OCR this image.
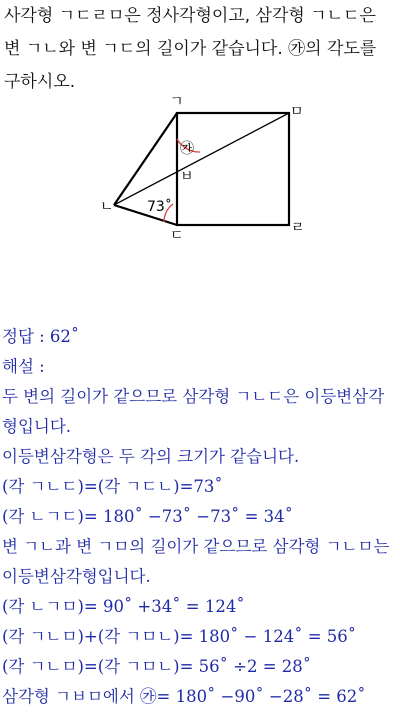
사각형 ㄱㄷㄹㅁ은 정사각형이고, 삼각형 ㄱㄴㄷ은
변 ㄱㄴ와 변 ㄱㄷ의 길이가 같습니다. ㉮의 각도를
구하시오.
ㄱ
ㅁ
ㄴ
ㄷ	ㄹ
ㅂ
㉮
73˚
정답 : 62˚
해설 :
두 변의 길이가 같으므로 삼각형 ㄱㄴㄷ은 이등변삼각
형입니다.
이등변삼각형은 두 각의 크기가 같습니다.
(각 ㄱㄴㄷ)=(각 ㄱㄷㄴ)=73˚
(각 ㄴㄱㄷ)= 180˚ −73˚ −73˚ = 34˚
변 ㄱㄴ과 변 ㄱㅁ의 길이가 같으므로 삼각형 ㄱㄴㅁ는
이등변삼각형입니다.
(각 ㄴㄱㅁ)= 90˚ +34˚ = 124˚
(각 ㄱㄴㅁ)+(각 ㄱㅁㄴ)= 180˚ − 124˚ = 56˚
(각 ㄱㄴㅁ)=(각 ㄱㅁㄴ)= 56˚ ÷2 = 28˚
삼각형 ㄱㅂㅁ에서 ㉮= 180˚ −90˚ −28˚ = 62˚
